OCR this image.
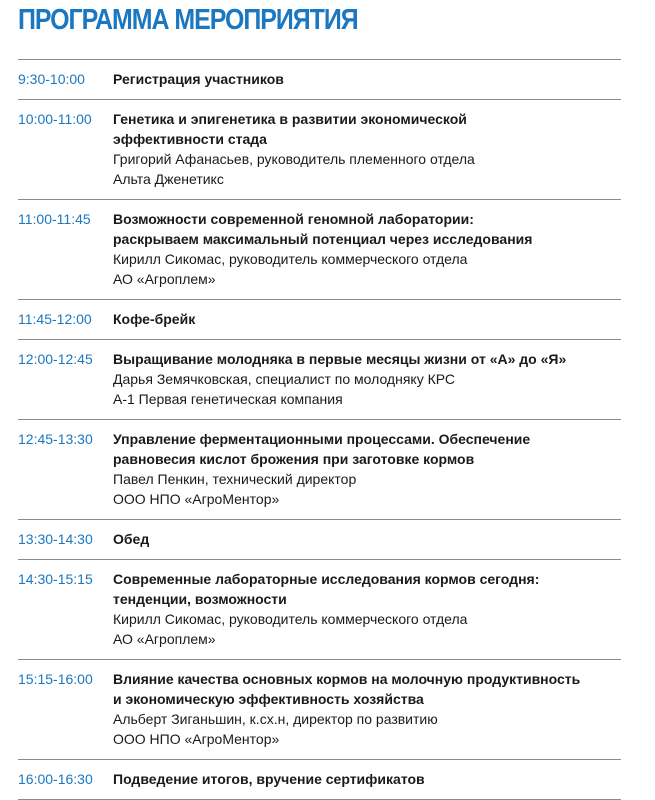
ПРОГРАММА МЕРОПРИЯТИЯ
9:30-10:00	Регистрация участников
10:00-11:00	Генетика и эпигенетика в развитии экономической
эффективности стада
Григорий Афанасьев, руководитель племенного отдела
Альта Дженетикс
11:00-11:45	Возможности современной геномной лаборатории:
раскрываем максимальный потенциал через исследования
Кирилл Сикомас, руководитель коммерческого отдела
АО «Агроплем»
11:45-12:00	Кофе-брейк
12:00-12:45	Выращивание молодняка в первые месяцы жизни от «А» до «Я»
Дарья Земячковская, специалист по молодняку КРС
А-1 Первая генетическая компания
12:45-13:30	Управление ферментационными процессами. Обеспечение
равновесия кислот брожения при заготовке кормов
Павел Пенкин, технический директор
ООО НПО «АгроМентор»
13:30-14:30	Обед
14:30-15:15	Современные лабораторные исследования кормов сегодня:
тенденции, возможности
Кирилл Сикомас, руководитель коммерческого отдела
АО «Агроплем»
15:15-16:00	Влияние качества основных кормов на молочную продуктивность
и экономическую эффективность хозяйства
Альберт Зиганьшин, к.сх.н, директор по развитию
ООО НПО «АгроМентор»
16:00-16:30	Подведение итогов, вручение сертификатов
